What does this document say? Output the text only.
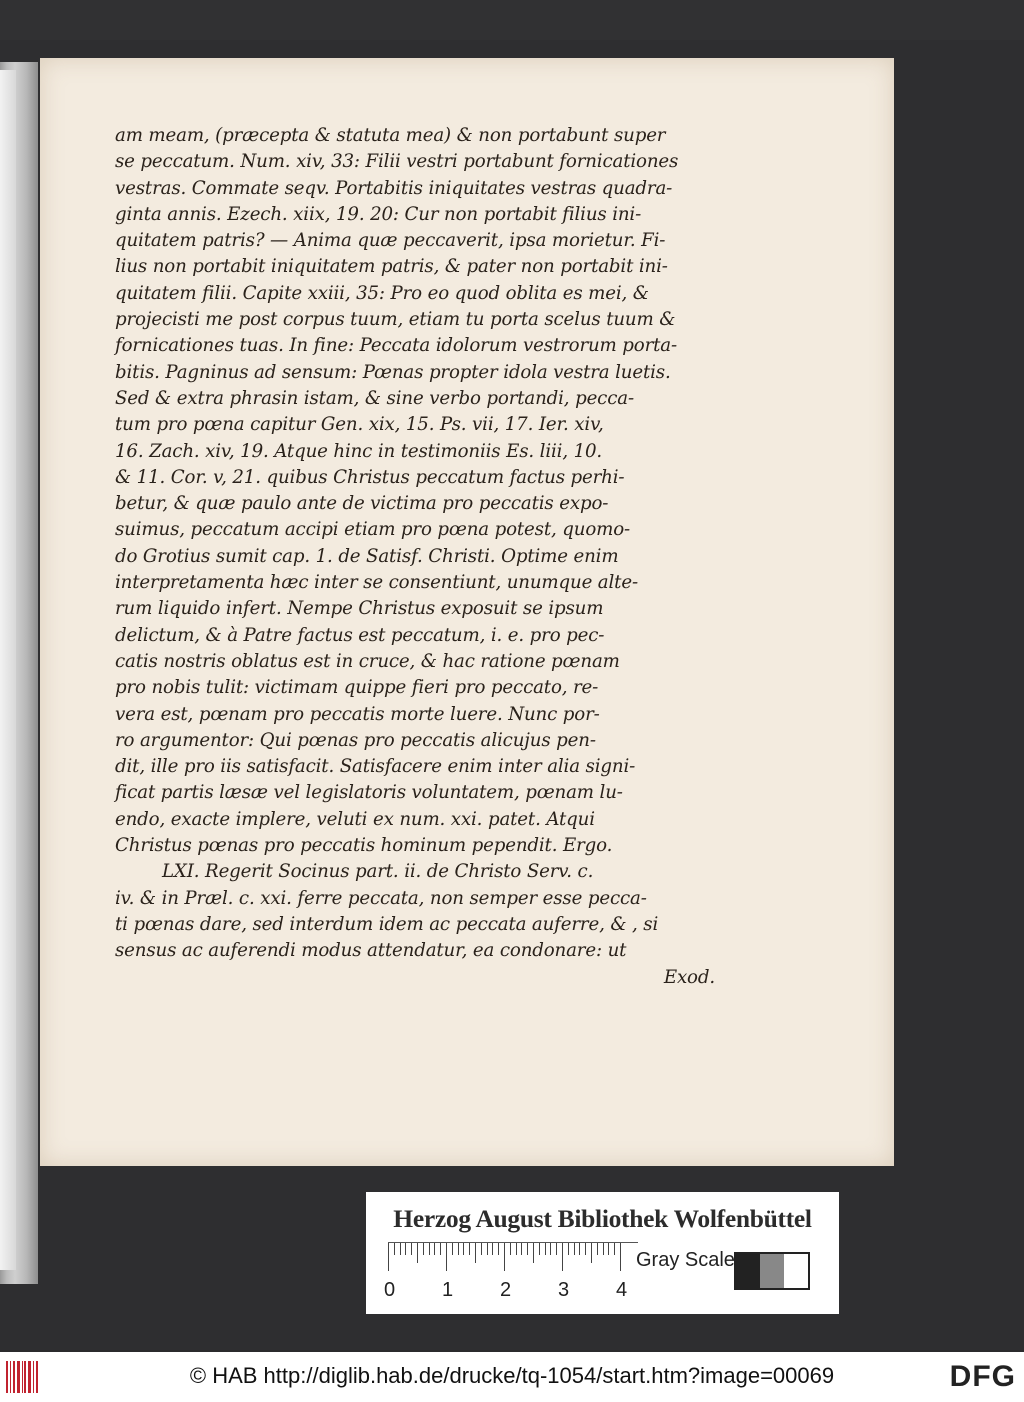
am meam, (præcepta & statuta mea) & non portabunt super
se peccatum. Num. xiv, 33: Filii vestri portabunt fornicationes
vestras. Commate seqv. Portabitis iniquitates vestras quadra-
ginta annis. Ezech. xiix, 19. 20: Cur non portabit filius ini-
quitatem patris? — Anima quæ peccaverit, ipsa morietur. Fi-
lius non portabit iniquitatem patris, & pater non portabit ini-
quitatem filii. Capite xxiii, 35: Pro eo quod oblita es mei, &
projecisti me post corpus tuum, etiam tu porta scelus tuum &
fornicationes tuas. In fine: Peccata idolorum vestrorum porta-
bitis. Pagninus ad sensum: Pœnas propter idola vestra luetis.
Sed & extra phrasin istam, & sine verbo portandi, pecca-
tum pro pœna capitur Gen. xix, 15. Ps. vii, 17. Ier. xiv,
16. Zach. xiv, 19. Atque hinc in testimoniis Es. liii, 10.
& 11. Cor. v, 21. quibus Christus peccatum factus perhi-
betur, & quæ paulo ante de victima pro peccatis expo-
suimus, peccatum accipi etiam pro pœna potest, quomo-
do Grotius sumit cap. 1. de Satisf. Christi. Optime enim
interpretamenta hæc inter se consentiunt, unumque alte-
rum liquido infert. Nempe Christus exposuit se ipsum
delictum, & à Patre factus est peccatum, i. e. pro pec-
catis nostris oblatus est in cruce, & hac ratione pœnam
pro nobis tulit: victimam quippe fieri pro peccato, re-
vera est, pœnam pro peccatis morte luere. Nunc por-
ro argumentor: Qui pœnas pro peccatis alicujus pen-
dit, ille pro iis satisfacit. Satisfacere enim inter alia signi-
ficat partis læsæ vel legislatoris voluntatem, pœnam lu-
endo, exacte implere, veluti ex num. xxi. patet. Atqui
Christus pœnas pro peccatis hominum pependit. Ergo.
LXI. Regerit Socinus part. ii. de Christo Serv. c.
iv. & in Præl. c. xxi. ferre peccata, non semper esse pecca-
ti pœnas dare, sed interdum idem ac peccata auferre, & , si
sensus ac auferendi modus attendatur, ea condonare: ut
Exod.
Herzog August Bibliothek Wolfenbüttel
0 1 2 3 4
Gray Scale
© HAB http://diglib.hab.de/drucke/tq-1054/start.htm?image=00069	DFG
